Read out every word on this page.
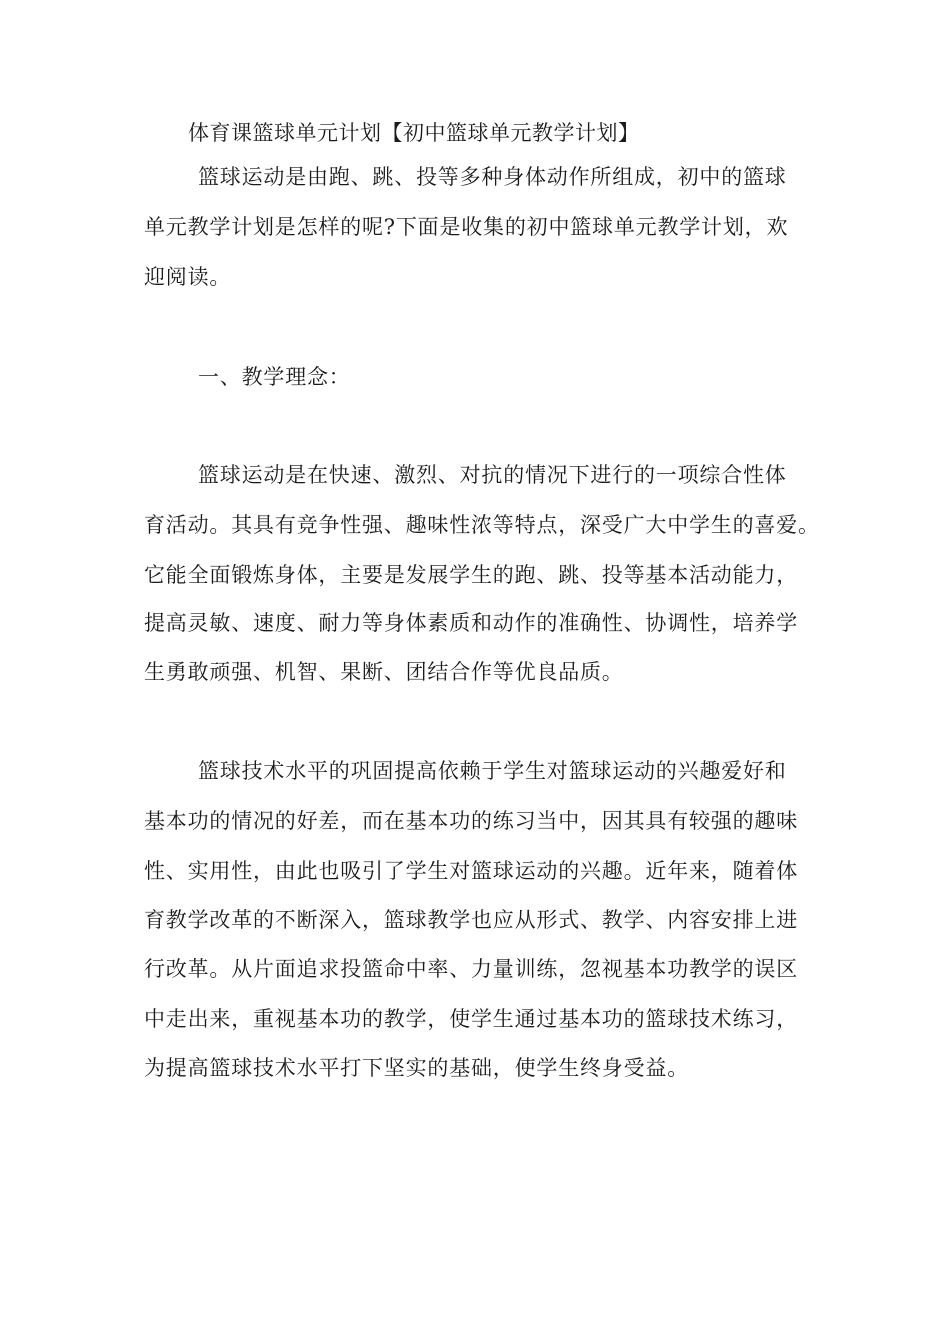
体育课篮球单元计划【初中篮球单元教学计划】
篮球运动是由跑、跳、投等多种身体动作所组成，初中的篮球
单元教学计划是怎样的呢?下面是收集的初中篮球单元教学计划，欢
迎阅读。
一、教学理念：
篮球运动是在快速、激烈、对抗的情况下进行的一项综合性体
育活动。其具有竞争性强、趣味性浓等特点，深受广大中学生的喜爱。
它能全面锻炼身体，主要是发展学生的跑、跳、投等基本活动能力，
提高灵敏、速度、耐力等身体素质和动作的准确性、协调性，培养学
生勇敢顽强、机智、果断、团结合作等优良品质。
篮球技术水平的巩固提高依赖于学生对篮球运动的兴趣爱好和
基本功的情况的好差，而在基本功的练习当中，因其具有较强的趣味
性、实用性，由此也吸引了学生对篮球运动的兴趣。近年来，随着体
育教学改革的不断深入，篮球教学也应从形式、教学、内容安排上进
行改革。从片面追求投篮命中率、力量训练，忽视基本功教学的误区
中走出来，重视基本功的教学，使学生通过基本功的篮球技术练习，
为提高篮球技术水平打下坚实的基础，使学生终身受益。
